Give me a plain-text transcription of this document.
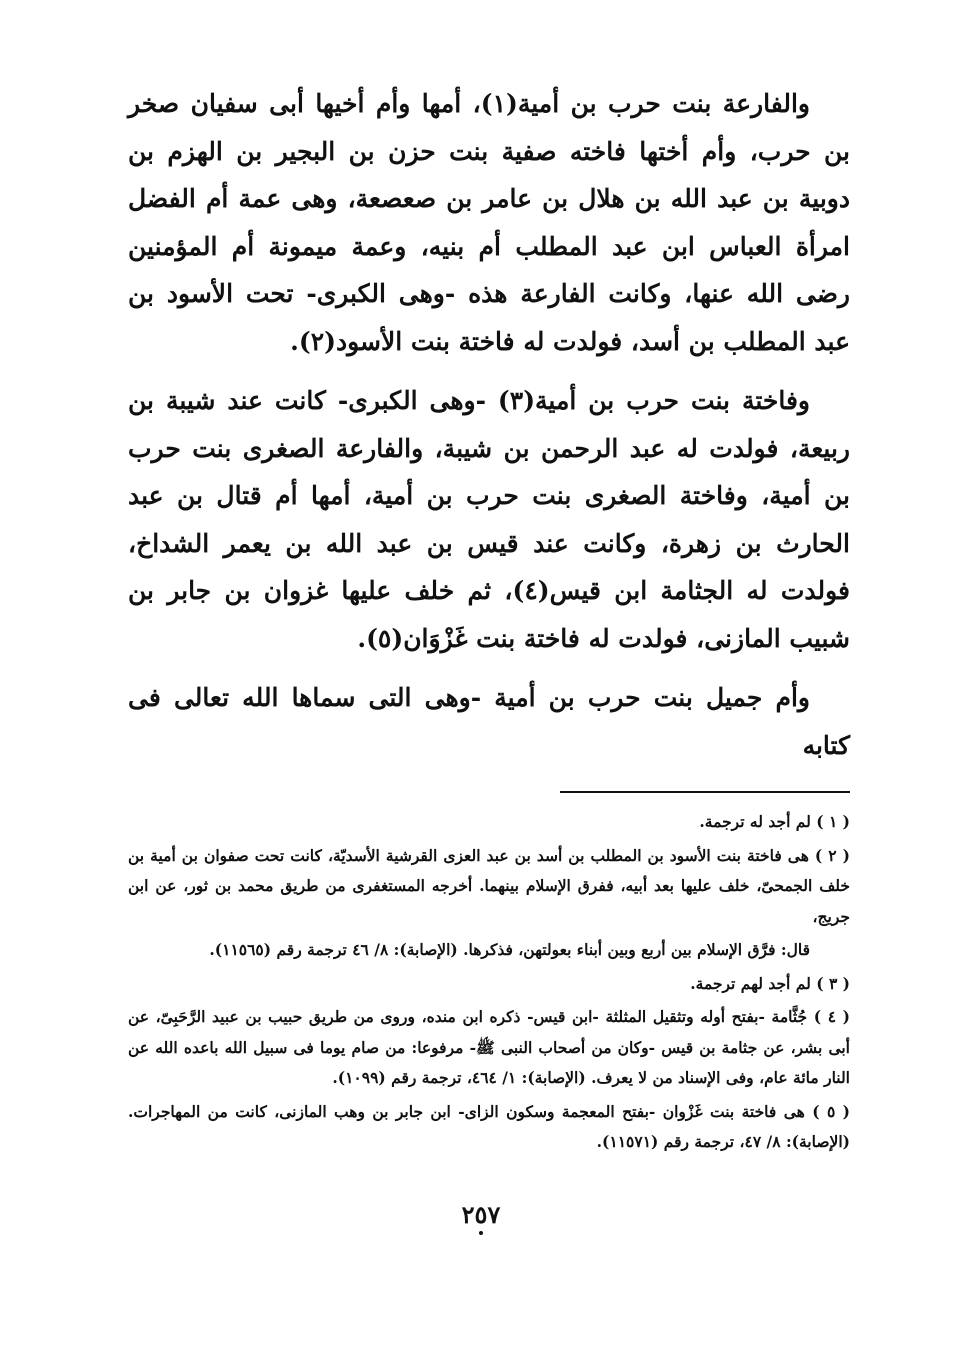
والفارعة بنت حرب بن أمية(١)، أمها وأم أخيها أبى سفيان صخر بن حرب، وأم أختها فاخته صفية بنت حزن بن البجير بن الهزم بن دوبية بن عبد الله بن هلال بن عامر بن صعصعة، وهى عمة أم الفضل امرأة العباس ابن عبد المطلب أم بنيه، وعمة ميمونة أم المؤمنين رضى الله عنها، وكانت الفارعة هذه -وهى الكبرى- تحت الأسود بن عبد المطلب بن أسد، فولدت له فاختة بنت الأسود(٢).

وفاختة بنت حرب بن أمية(٣) -وهى الكبرى- كانت عند شيبة بن ربيعة، فولدت له عبد الرحمن بن شيبة، والفارعة الصغرى بنت حرب بن أمية، وفاختة الصغرى بنت حرب بن أمية، أمها أم قتال بن عبد الحارث بن زهرة، وكانت عند قيس بن عبد الله بن يعمر الشداخ، فولدت له الجثامة ابن قيس(٤)، ثم خلف عليها غزوان بن جابر بن شبيب المازنى، فولدت له فاختة بنت غَزْوَان(٥).

وأم جميل بنت حرب بن أمية -وهى التى سماها الله تعالى فى كتابه

( ١ ) لم أجد له ترجمة.

( ٢ ) هى فاختة بنت الأسود بن المطلب بن أسد بن عبد العزى القرشية الأسديّة، كانت تحت صفوان بن أمية بن خلف الجمحىّ، خلف عليها بعد أبيه، ففرق الإسلام بينهما. أخرجه المستغفرى من طريق محمد بن ثور، عن ابن جريج،

قال: فرَّق الإسلام بين أربع وبين أبناء بعولتهن، فذكرها. (الإصابة): ٨/ ٤٦ ترجمة رقم (١١٥٦٥).

( ٣ ) لم أجد لهم ترجمة.

( ٤ ) جُثَّامة -بفتح أوله وتثقيل المثلثة -ابن قيس- ذكره ابن منده، وروى من طريق حبيب بن عبيد الرَّحَبِىّ، عن أبى بشر، عن جثامة بن قيس -وكان من أصحاب النبى ﷺ- مرفوعا: من صام يوما فى سبيل الله باعده الله عن النار مائة عام، وفى الإسناد من لا يعرف. (الإصابة): ١/ ٤٦٤، ترجمة رقم (١٠٩٩).

( ٥ ) هى فاختة بنت غَزْوان -بفتح المعجمة وسكون الزاى- ابن جابر بن وهب المازنى، كانت من المهاجرات. (الإصابة): ٨/ ٤٧، ترجمة رقم (١١٥٧١).

٢٥٧
